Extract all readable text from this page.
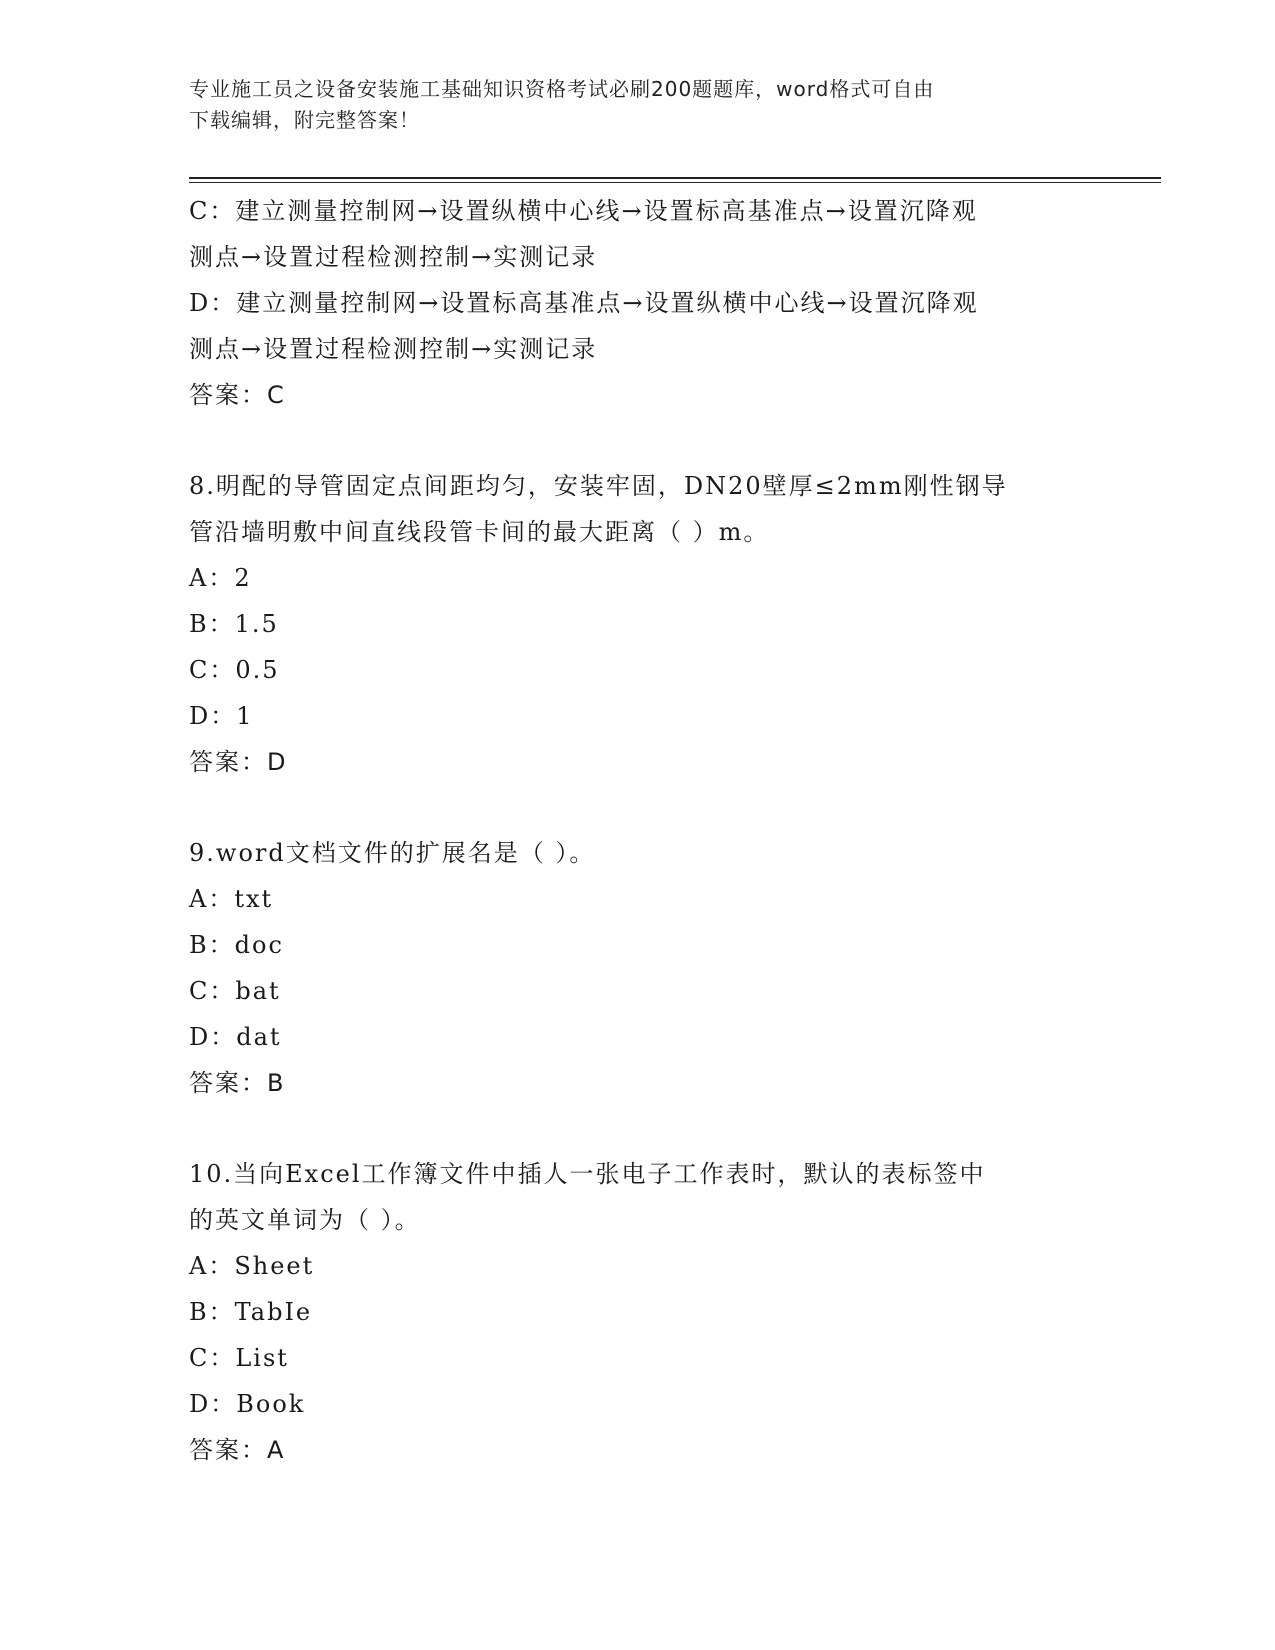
专业施工员之设备安装施工基础知识资格考试必刷200题题库，word格式可自由
下载编辑，附完整答案！
C：建立测量控制网→设置纵横中心线→设置标高基准点→设置沉降观
测点→设置过程检测控制→实测记录
D：建立测量控制网→设置标高基准点→设置纵横中心线→设置沉降观
测点→设置过程检测控制→实测记录
答案：C
8.明配的导管固定点间距均匀，安装牢固，DN20壁厚≤2mm刚性钢导
管沿墙明敷中间直线段管卡间的最大距离（ ）m。
A：2
B：1.5
C：0.5
D：1
答案：D
9.word文档文件的扩展名是（ ）。
A：txt
B：doc
C：bat
D：dat
答案：B
10.当向Excel工作簿文件中插人一张电子工作表时，默认的表标签中
的英文单词为（ ）。
A：Sheet
B：TabIe
C：List
D：Book
答案：A
